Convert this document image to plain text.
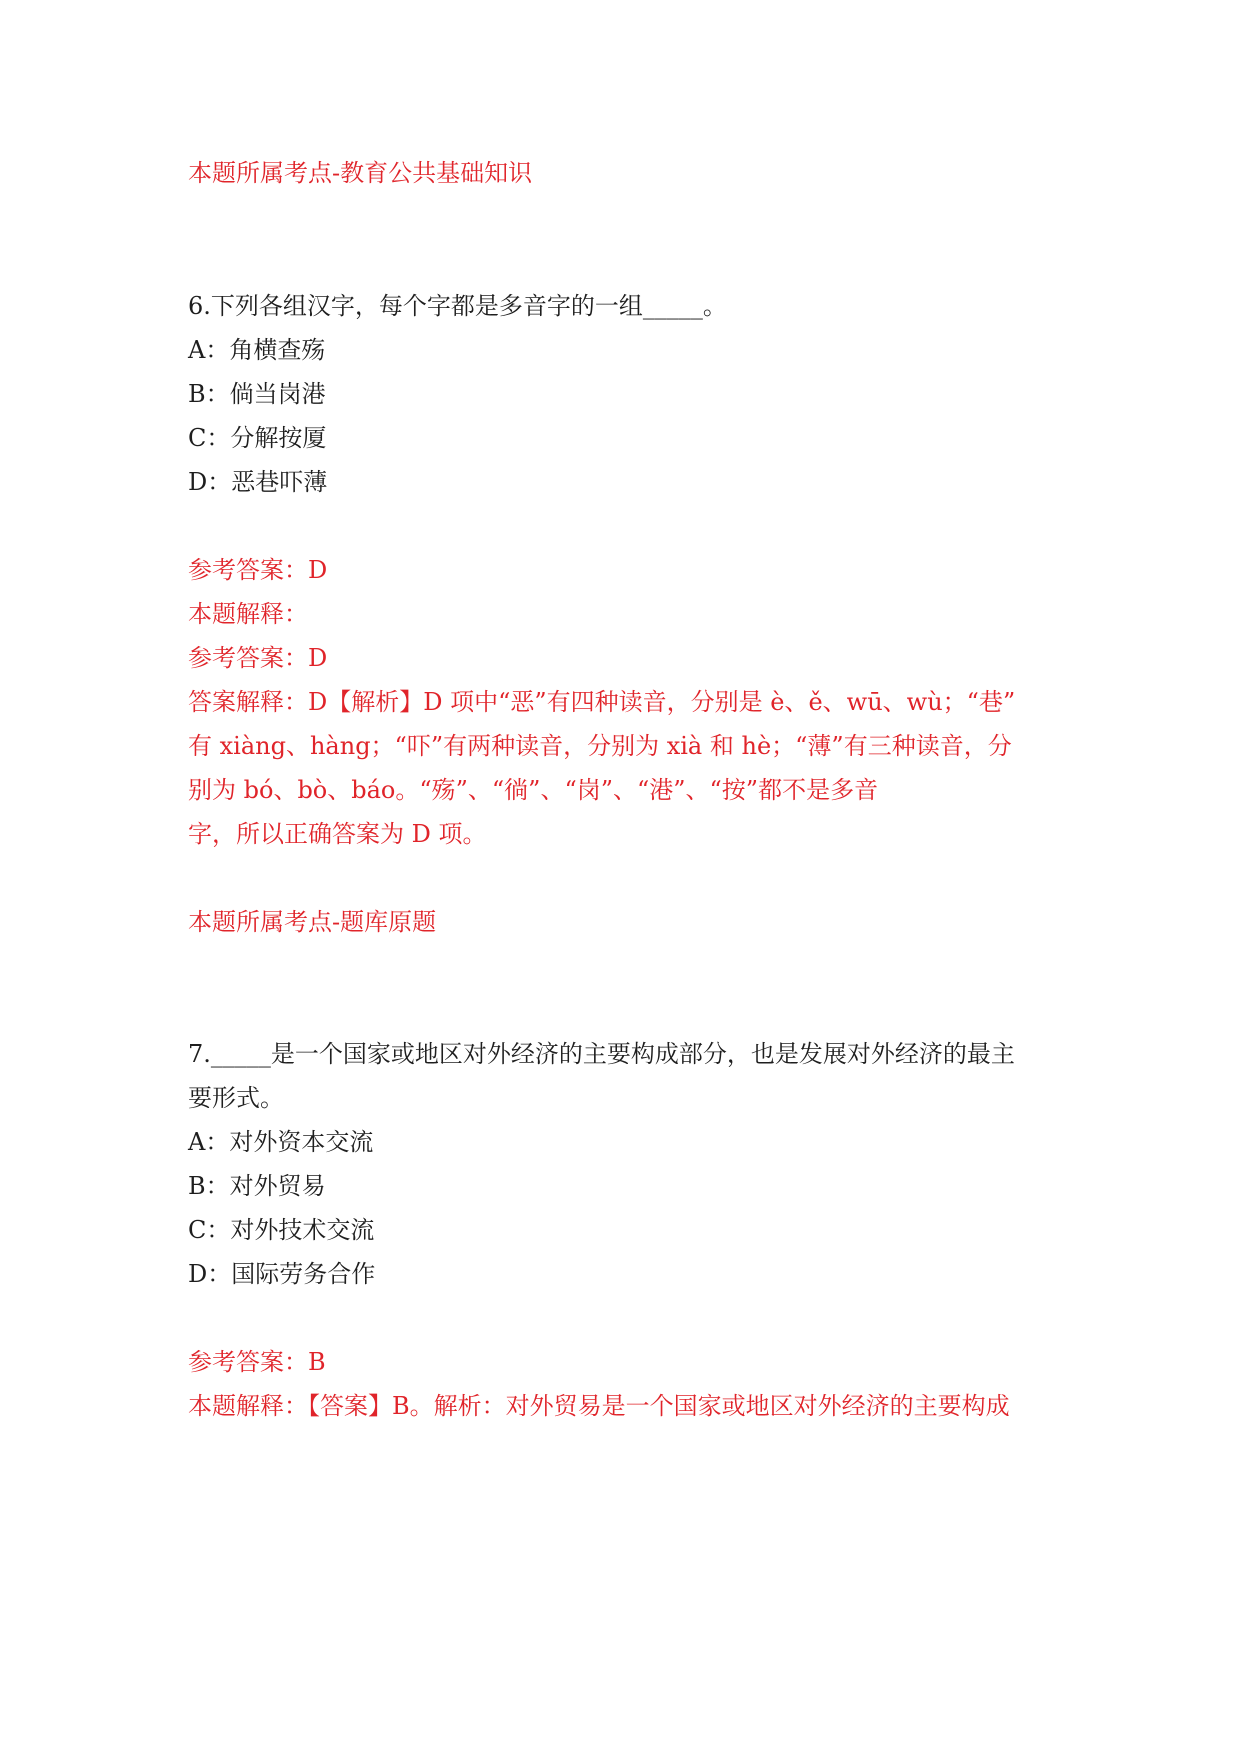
本题所属考点-教育公共基础知识
6.下列各组汉字，每个字都是多音字的一组_____。
A：角横查殇
B：倘当岗港
C：分解按厦
D：恶巷吓薄
参考答案：D
本题解释：
参考答案：D
答案解释：D【解析】D 项中“恶”有四种读音，分别是 è、ě、wū、wù；“巷”
有 xiàng、hàng；“吓”有两种读音，分别为 xià 和 hè；“薄”有三种读音，分
别为 bó、bò、báo。“殇”、“徜”、“岗”、“港”、“按”都不是多音
字，所以正确答案为 D 项。
本题所属考点-题库原题
7._____是一个国家或地区对外经济的主要构成部分，也是发展对外经济的最主
要形式。
A：对外资本交流
B：对外贸易
C：对外技术交流
D：国际劳务合作
参考答案：B
本题解释：【答案】B。解析：对外贸易是一个国家或地区对外经济的主要构成
